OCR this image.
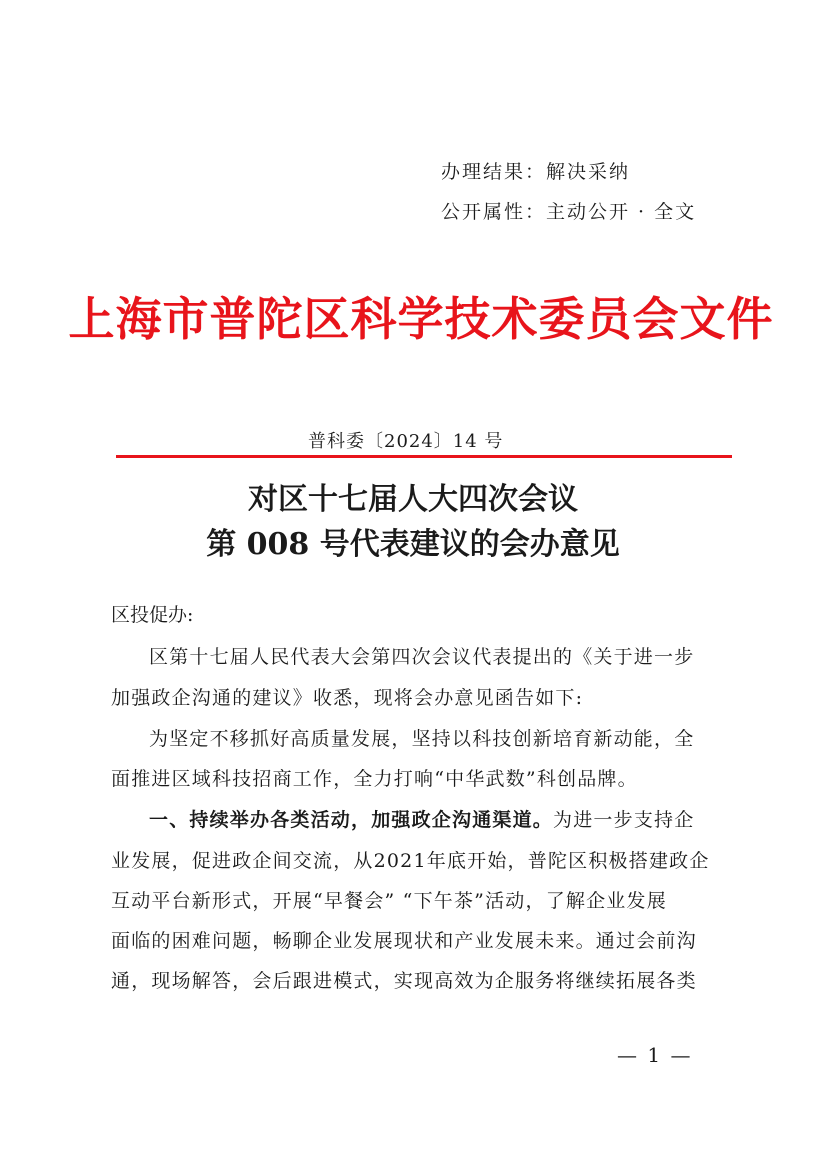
办理结果：解决采纳
公开属性：主动公开 · 全文
上海市普陀区科学技术委员会文件
普科委〔2024〕14 号
对区十七届人大四次会议
第 008 号代表建议的会办意见
区投促办:
区第十七届人民代表大会第四次会议代表提出的《关于进一步
加强政企沟通的建议》收悉，现将会办意见函告如下:
为坚定不移抓好高质量发展，坚持以科技创新培育新动能，全
面推进区域科技招商工作，全力打响“中华武数”科创品牌。
一、持续举办各类活动，加强政企沟通渠道。为进一步支持企
业发展，促进政企间交流，从2021年底开始，普陀区积极搭建政企
互动平台新形式，开展“早餐会” “下午茶”活动，了解企业发展
面临的困难问题，畅聊企业发展现状和产业发展未来。通过会前沟
通，现场解答，会后跟进模式，实现高效为企服务将继续拓展各类
— 1 —
